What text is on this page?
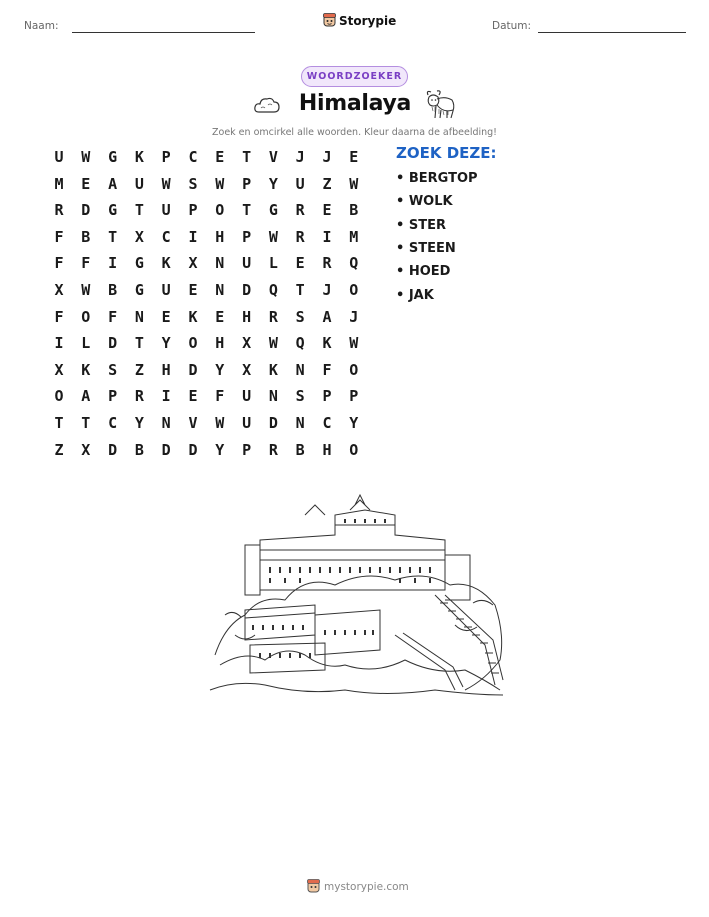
Naam:	Storypie	Datum:
WOORDZOEKER
Himalaya
Zoek en omcirkel alle woorden. Kleur daarna de afbeelding!
U	W	G	K	P	C	E	T	V	J	J	E
M	E	A	U	W	S	W	P	Y	U	Z	W
R	D	G	T	U	P	O	T	G	R	E	B
F	B	T	X	C	I	H	P	W	R	I	M
F	F	I	G	K	X	N	U	L	E	R	Q
X	W	B	G	U	E	N	D	Q	T	J	O
F	O	F	N	E	K	E	H	R	S	A	J
I	L	D	T	Y	O	H	X	W	Q	K	W
X	K	S	Z	H	D	Y	X	K	N	F	O
O	A	P	R	I	E	F	U	N	S	P	P
T	T	C	Y	N	V	W	U	D	N	C	Y
Z	X	D	B	D	D	Y	P	R	B	H	O
ZOEK DEZE:
• BERGTOP
• WOLK
• STER
• STEEN
• HOED
• JAK
mystorypie.com
